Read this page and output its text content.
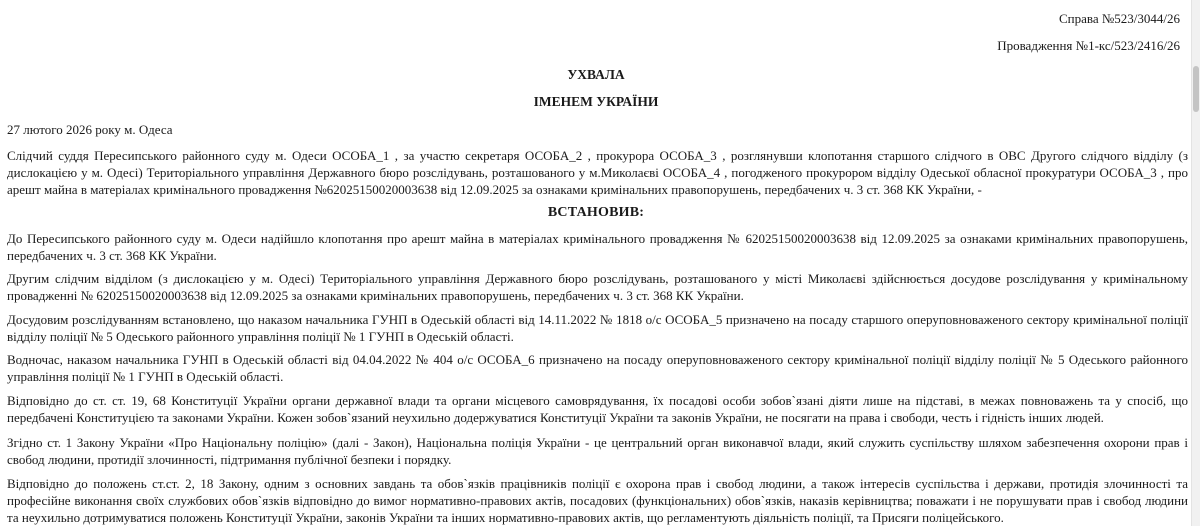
Справа №523/3044/26
Провадження №1-кс/523/2416/26
УХВАЛА
ІМЕНЕМ УКРАЇНИ
27 лютого 2026 року м. Одеса

Слідчий суддя Пересипського районного суду м. Одеси ОСОБА_1 , за участю секретаря ОСОБА_2 , прокурора ОСОБА_3 , розглянувши клопотання старшого слідчого в ОВС Другого слідчого відділу (з дислокацією у м. Одесі) Територіального управління Державного бюро розслідувань, розташованого у м.Миколаєві ОСОБА_4 , погодженого прокурором відділу Одеської обласної прокуратури ОСОБА_3 , про арешт майна в матеріалах кримінального провадження №62025150020003638 від 12.09.2025 за ознаками кримінальних правопорушень, передбачених ч. 3 ст. 368 КК України, -

ВСТАНОВИВ:

До Пересипського районного суду м. Одеси надійшло клопотання про арешт майна в матеріалах кримінального провадження № 62025150020003638 від 12.09.2025 за ознаками кримінальних правопорушень, передбачених ч. 3 ст. 368 КК України.

Другим слідчим відділом (з дислокацією у м. Одесі) Територіального управління Державного бюро розслідувань, розташованого у місті Миколаєві здійснюється досудове розслідування у кримінальному провадженні № 62025150020003638 від 12.09.2025 за ознаками кримінальних правопорушень, передбачених ч. 3 ст. 368 КК України.

Досудовим розслідуванням встановлено, що наказом начальника ГУНП в Одеській області від 14.11.2022 № 1818 о/с ОСОБА_5 призначено на посаду старшого оперуповноваженого сектору кримінальної поліції відділу поліції № 5 Одеського районного управління поліції № 1 ГУНП в Одеській області.

Водночас, наказом начальника ГУНП в Одеській області від 04.04.2022 № 404 о/с ОСОБА_6 призначено на посаду оперуповноваженого сектору кримінальної поліції відділу поліції № 5 Одеського районного управління поліції № 1 ГУНП в Одеській області.

Відповідно до ст. ст. 19, 68 Конституції України органи державної влади та органи місцевого самоврядування, їх посадові особи зобов`язані діяти лише на підставі, в межах повноважень та у спосіб, що передбачені Конституцією та законами України. Кожен зобов`язаний неухильно додержуватися Конституції України та законів України, не посягати на права і свободи, честь і гідність інших людей.

Згідно ст. 1 Закону України «Про Національну поліцію» (далі - Закон), Національна поліція України - це центральний орган виконавчої влади, який служить суспільству шляхом забезпечення охорони прав і свобод людини, протидії злочинності, підтримання публічної безпеки і порядку.

Відповідно до положень ст.ст. 2, 18 Закону, одним з основних завдань та обов`язків працівників поліції є охорона прав і свобод людини, а також інтересів суспільства і держави, протидія злочинності та професійне виконання своїх службових обов`язків відповідно до вимог нормативно-правових актів, посадових (функціональних) обов`язків, наказів керівництва; поважати і не порушувати прав і свобод людини та неухильно дотримуватися положень Конституції України, законів України та інших нормативно-правових актів, що регламентують діяльність поліції, та Присяги поліцейського.
